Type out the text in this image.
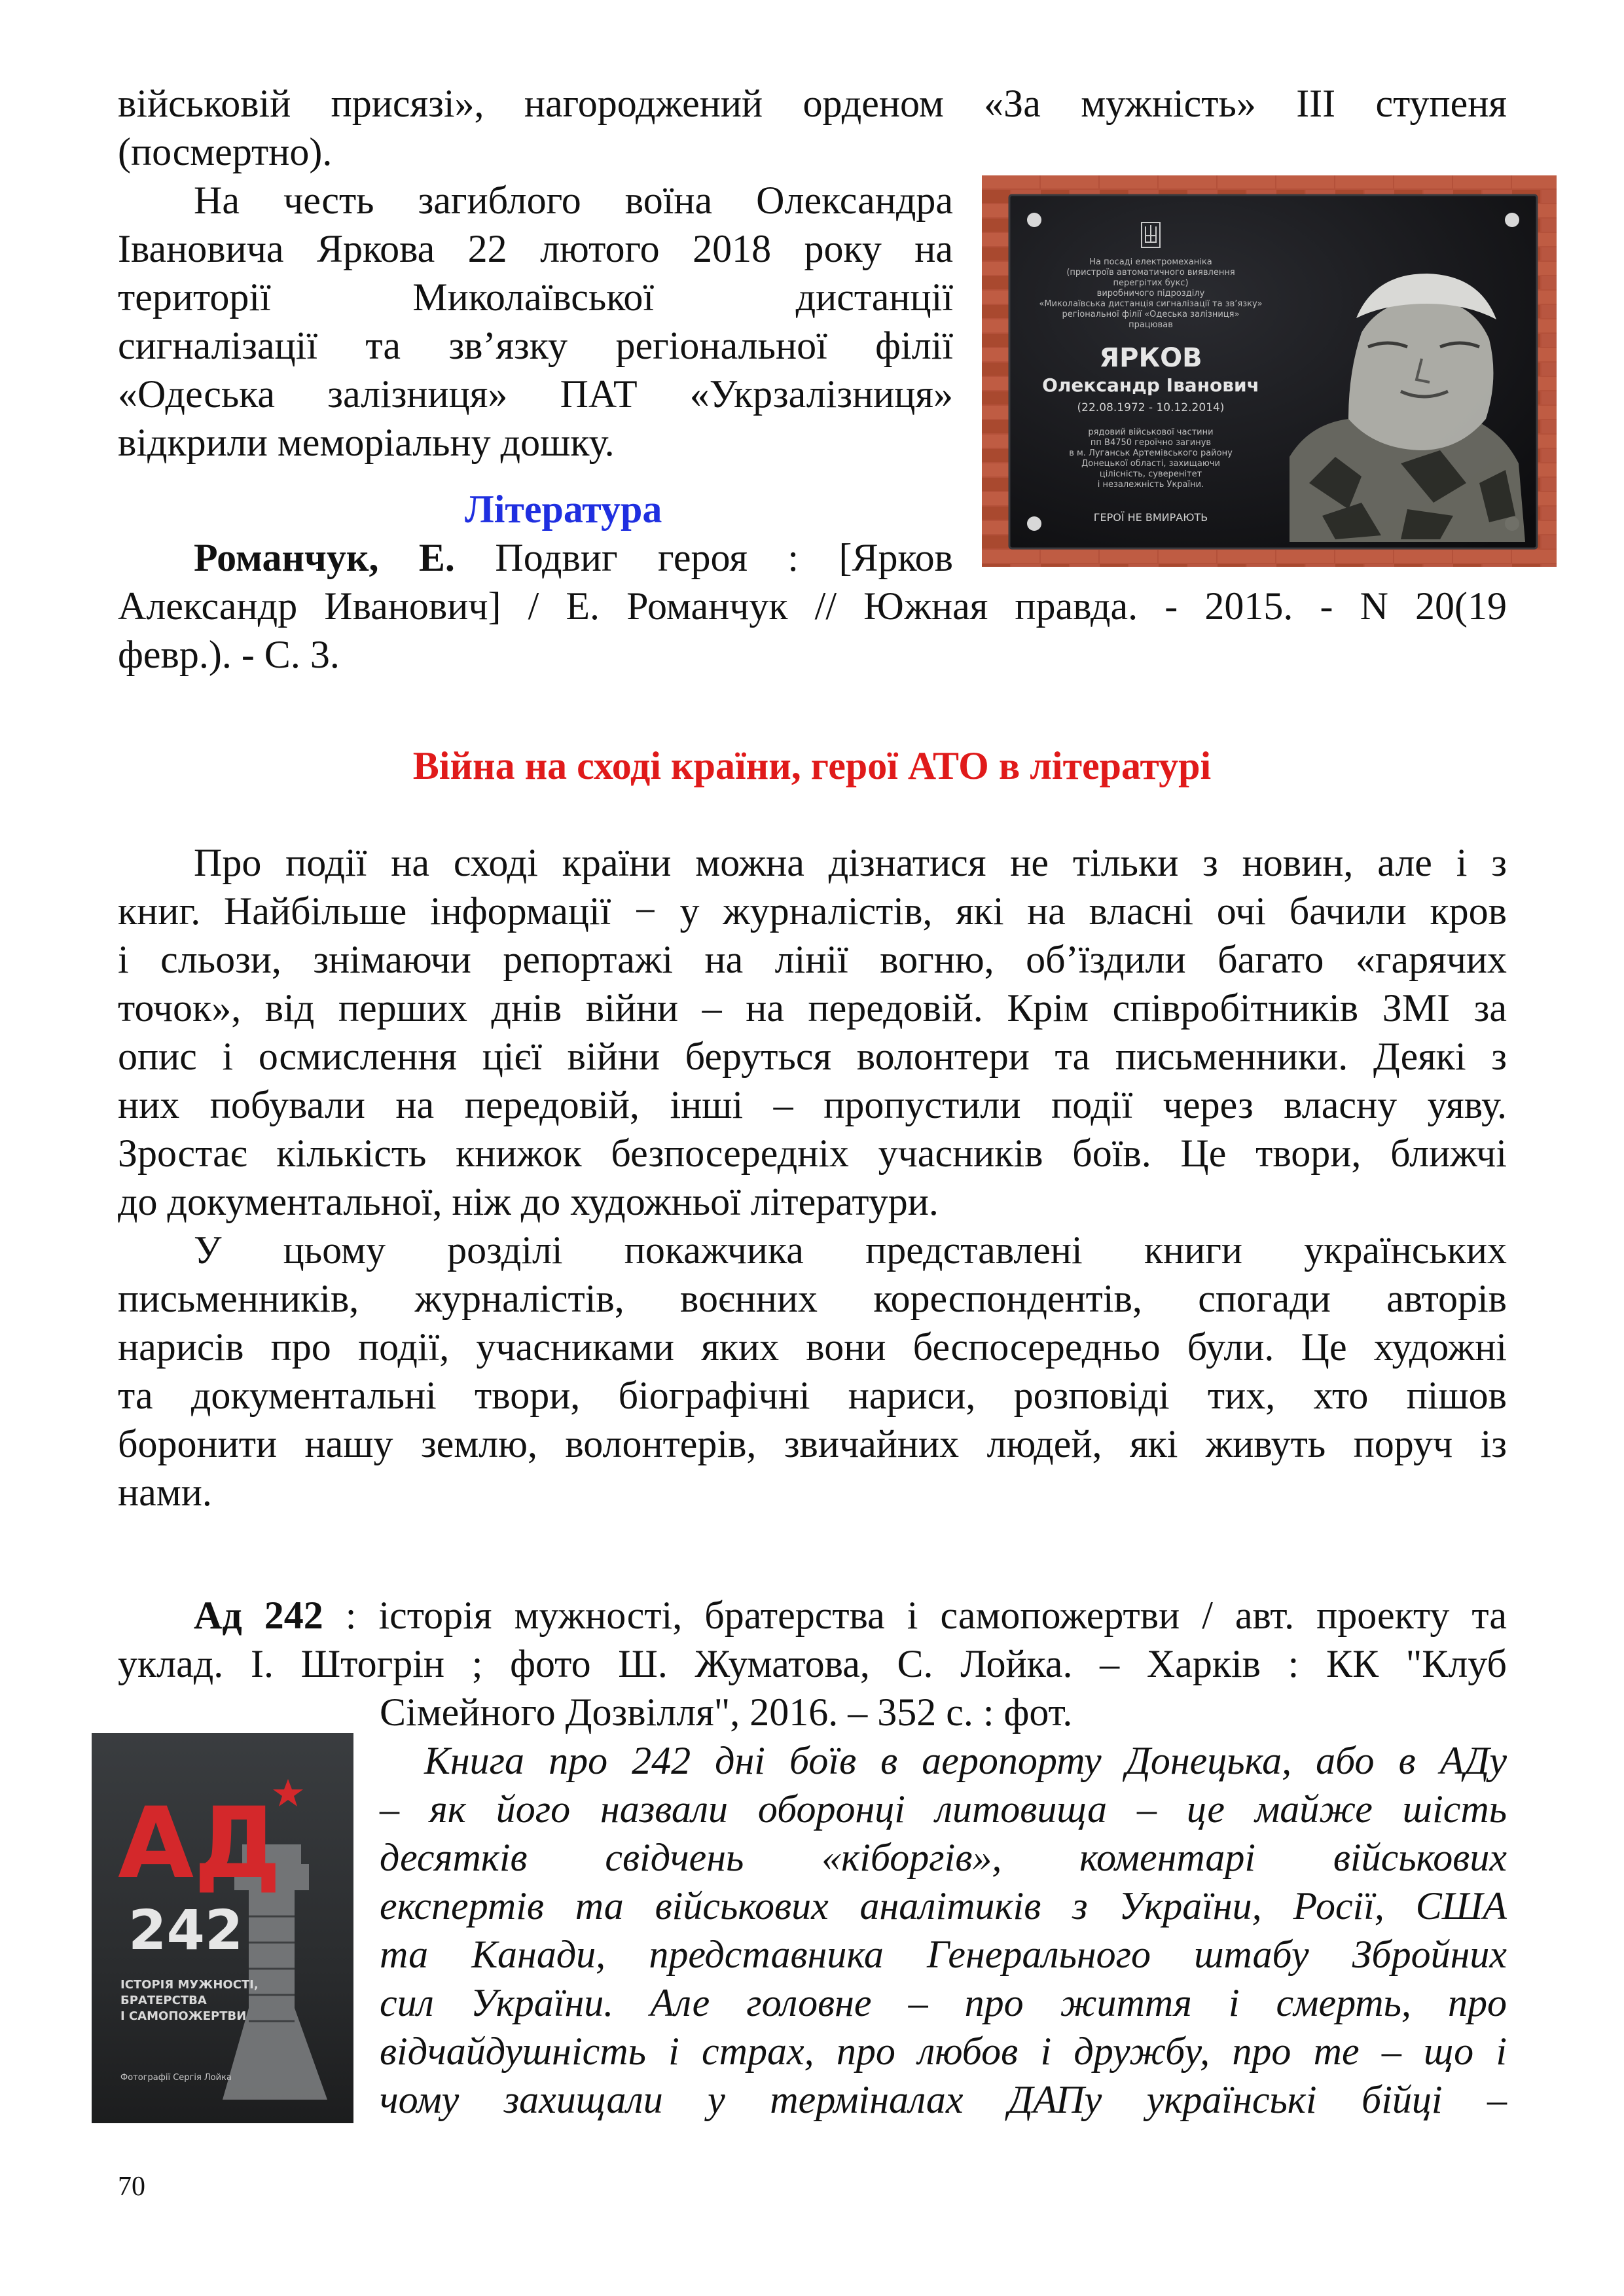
військовій присязі», нагороджений орденом «За мужність» III ступеня
(посмертно).
На честь загиблого воїна Олександра
Івановича Яркова 22 лютого 2018 року на
території Миколаївської дистанції
сигналізації та зв’язку регіональної філії
«Одеська залізниця» ПАТ «Укрзалізниця»
відкрили меморіальну дошку.
На посаді електромеханіка
(пристроїв автоматичного виявлення
перегрітих букс)
виробничого підрозділу
«Миколаївська дистанція сигналізації та зв’язку»
регіональної філії «Одеська залізниця»
працював
ЯРКОВ
Олександр Іванович
(22.08.1972 - 10.12.2014)
рядовий військової частини
пп В4750 героїчно загинув
в м. Луганськ Артемівського району
Донецької області, захищаючи
цілісність, суверенітет
і незалежність України.
ГЕРОЇ НЕ ВМИРАЮТЬ
Література
Романчук, Е. Подвиг героя : [Ярков
Александр Иванович] / Е. Романчук // Южная правда. - 2015. - N 20(19
февр.). - С. 3.
Війна на сході країни, герої АТО в літературі
Про події на сході країни можна дізнатися не тільки з новин, але і з
книг. Найбільше інформації − у журналістів, які на власні очі бачили кров
і сльози, знімаючи репортажі на лінії вогню, об’їздили багато «гарячих
точок», від перших днів війни – на передовій. Крім співробітників ЗМІ за
опис і осмислення цієї війни беруться волонтери та письменники. Деякі з
них побували на передовій, інші – пропустили події через власну уяву.
Зростає кількість книжок безпосередніх учасників боїв. Це твори, ближчі
до документальної, ніж до художньої літератури.
У цьому розділі покажчика представлені книги українських
письменників, журналістів, воєнних кореспондентів, спогади авторів
нарисів про події, учасниками яких вони беспосередньо були. Це художні
та документальні твори, біографічні нариси, розповіді тих, хто пішов
боронити нашу землю, волонтерів, звичайних людей, які живуть поруч із
нами.
Ад 242 : історія мужності, братерства і самопожертви / авт. проекту та
уклад. І. Штогрін ; фото Ш. Жуматова, С. Лойка. – Харків : КК "Клуб
Сімейного Дозвілля", 2016. – 352 с. : фот.
АД
242
ІСТОРІЯ МУЖНОСТІ,
БРАТЕРСТВА
І САМОПОЖЕРТВИ
Фотографії Сергія Лойка
Книга про 242 дні боїв в аеропорту Донецька, або в АДу
– як його назвали оборонці литовища – це майже шість
десятків свідчень «кіборгів», коментарі військових
експертів та військових аналітиків з України, Росії, США
та Канади, представника Генерального штабу Збройних
сил України. Але головне – про життя і смерть, про
відчайдушність і страх, про любов і дружбу, про те – що і
чому захищали у терміналах ДАПу українські бійці –
70
